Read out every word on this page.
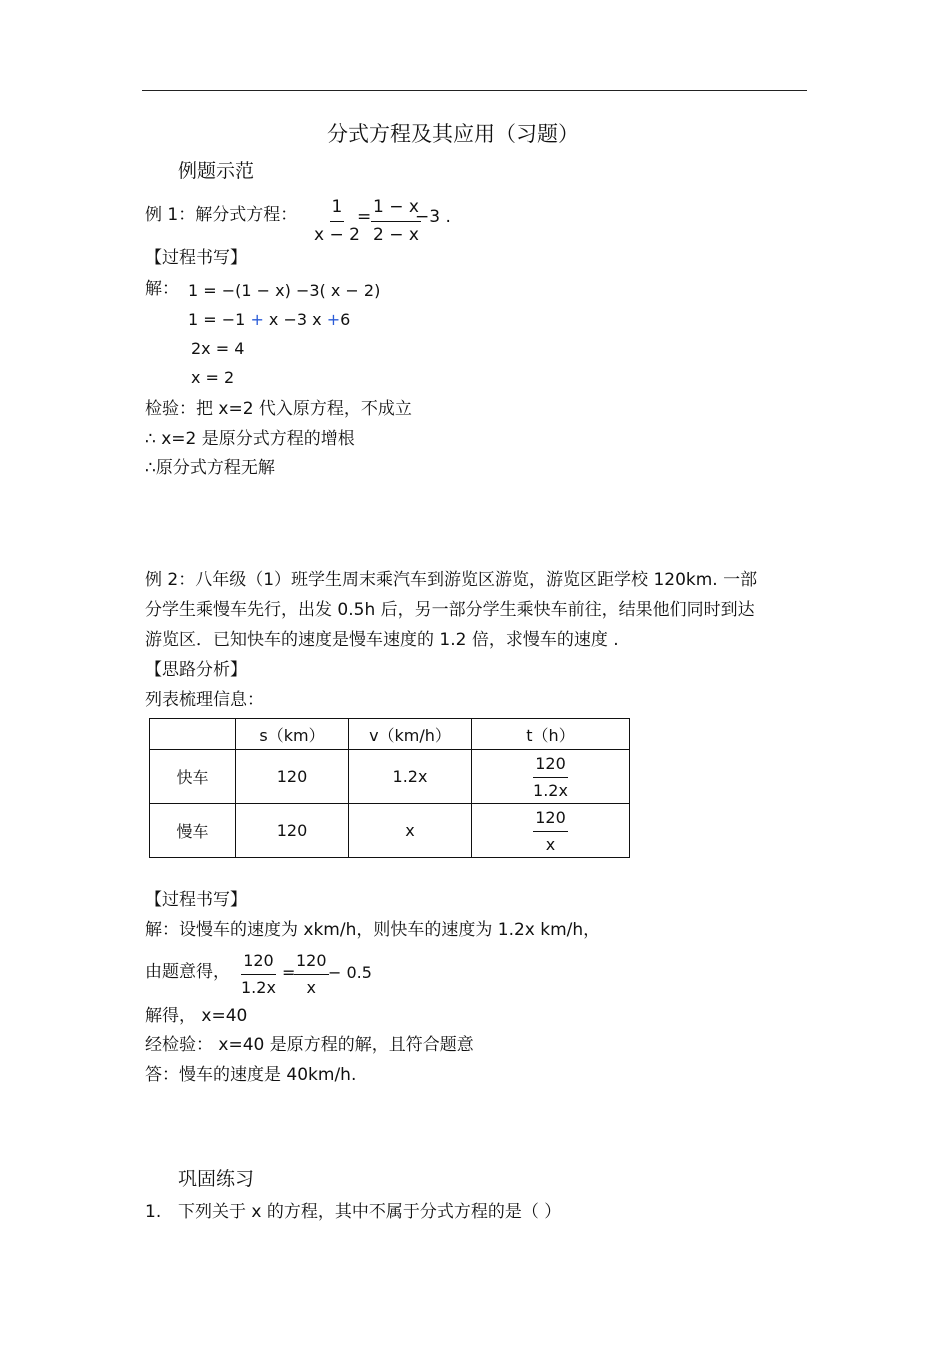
分式方程及其应用（习题）
例题示范
例 1：解分式方程： $\frac{1}{x - 2}$
= $\frac{1 - x}{2 - x}$
−3 .
【过程书写】
解： 1 = −(1 − x) −3( x − 2)
1 = −1 + x −3 x +6
2x = 4
x = 2
检验：把 x=2 代入原方程，不成立
∴ x=2 是原分式方程的增根
∴原分式方程无解
例 2：八年级（1）班学生周末乘汽车到游览区游览，游览区距学校 120km. 一部
分学生乘慢车先行，出发 0.5h 后，另一部分学生乘快车前往，结果他们同时到达
游览区．已知快车的速度是慢车速度的 1.2 倍，求慢车的速度 .
【思路分析】
列表梳理信息：
	s（km）	v（km/h）	t（h）
快车	120	1.2x	$\frac{120}{1.2x}$

慢车	120	x	$\frac{120}{x}$
【过程书写】
解：设慢车的速度为 xkm/h，则快车的速度为 1.2x km/h，
由题意得， $\frac{120}{1.2x}$ =
$\frac{120}{x} - 0.5$
解得， x=40
经检验： x=40 是原方程的解，且符合题意
答：慢车的速度是 40km/h.
巩固练习
1. 下列关于 x 的方程，其中不属于分式方程的是（ ）
